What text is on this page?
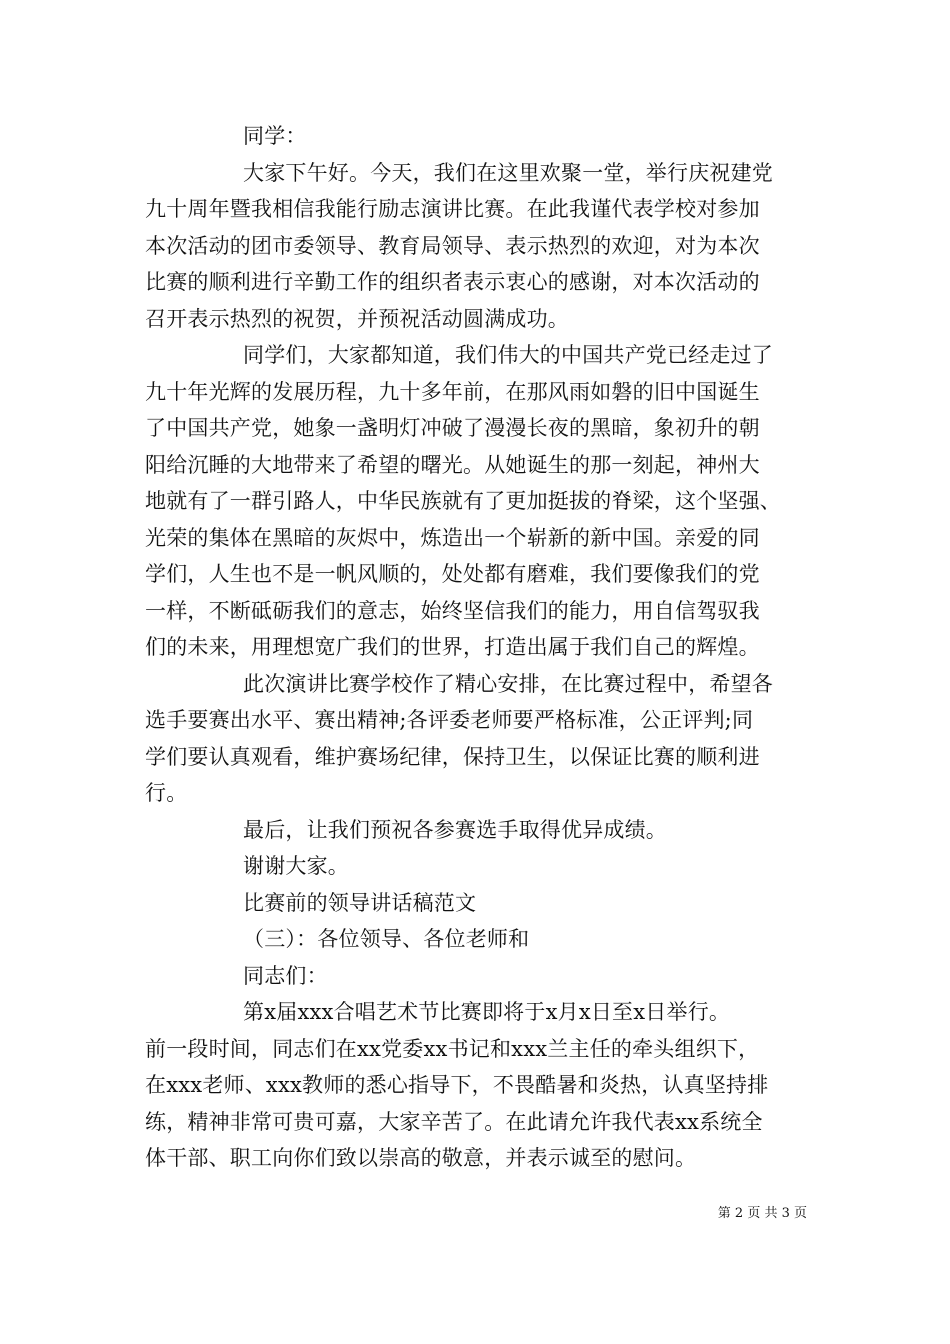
同学：
大家下午好。今天，我们在这里欢聚一堂，举行庆祝建党
九十周年暨我相信我能行励志演讲比赛。在此我谨代表学校对参加
本次活动的团市委领导、教育局领导、表示热烈的欢迎，对为本次
比赛的顺利进行辛勤工作的组织者表示衷心的感谢，对本次活动的
召开表示热烈的祝贺，并预祝活动圆满成功。
同学们，大家都知道，我们伟大的中国共产党已经走过了
九十年光辉的发展历程，九十多年前，在那风雨如磐的旧中国诞生
了中国共产党，她象一盏明灯冲破了漫漫长夜的黑暗，象初升的朝
阳给沉睡的大地带来了希望的曙光。从她诞生的那一刻起，神州大
地就有了一群引路人，中华民族就有了更加挺拔的脊梁，这个坚强、
光荣的集体在黑暗的灰烬中，炼造出一个崭新的新中国。亲爱的同
学们，人生也不是一帆风顺的，处处都有磨难，我们要像我们的党
一样，不断砥砺我们的意志，始终坚信我们的能力，用自信驾驭我
们的未来，用理想宽广我们的世界，打造出属于我们自己的辉煌。
此次演讲比赛学校作了精心安排，在比赛过程中，希望各
选手要赛出水平、赛出精神;各评委老师要严格标准，公正评判;同
学们要认真观看，维护赛场纪律，保持卫生，以保证比赛的顺利进
行。
最后，让我们预祝各参赛选手取得优异成绩。
谢谢大家。
比赛前的领导讲话稿范文
（三）：各位领导、各位老师和
同志们：
第x届xxx合唱艺术节比赛即将于x月x日至x日举行。
前一段时间，同志们在xx党委xx书记和xxx兰主任的牵头组织下，
在xxx老师、xxx教师的悉心指导下，不畏酷暑和炎热，认真坚持排
练，精神非常可贵可嘉，大家辛苦了。在此请允许我代表xx系统全
体干部、职工向你们致以崇高的敬意，并表示诚至的慰问。
第 2 页 共 3 页
